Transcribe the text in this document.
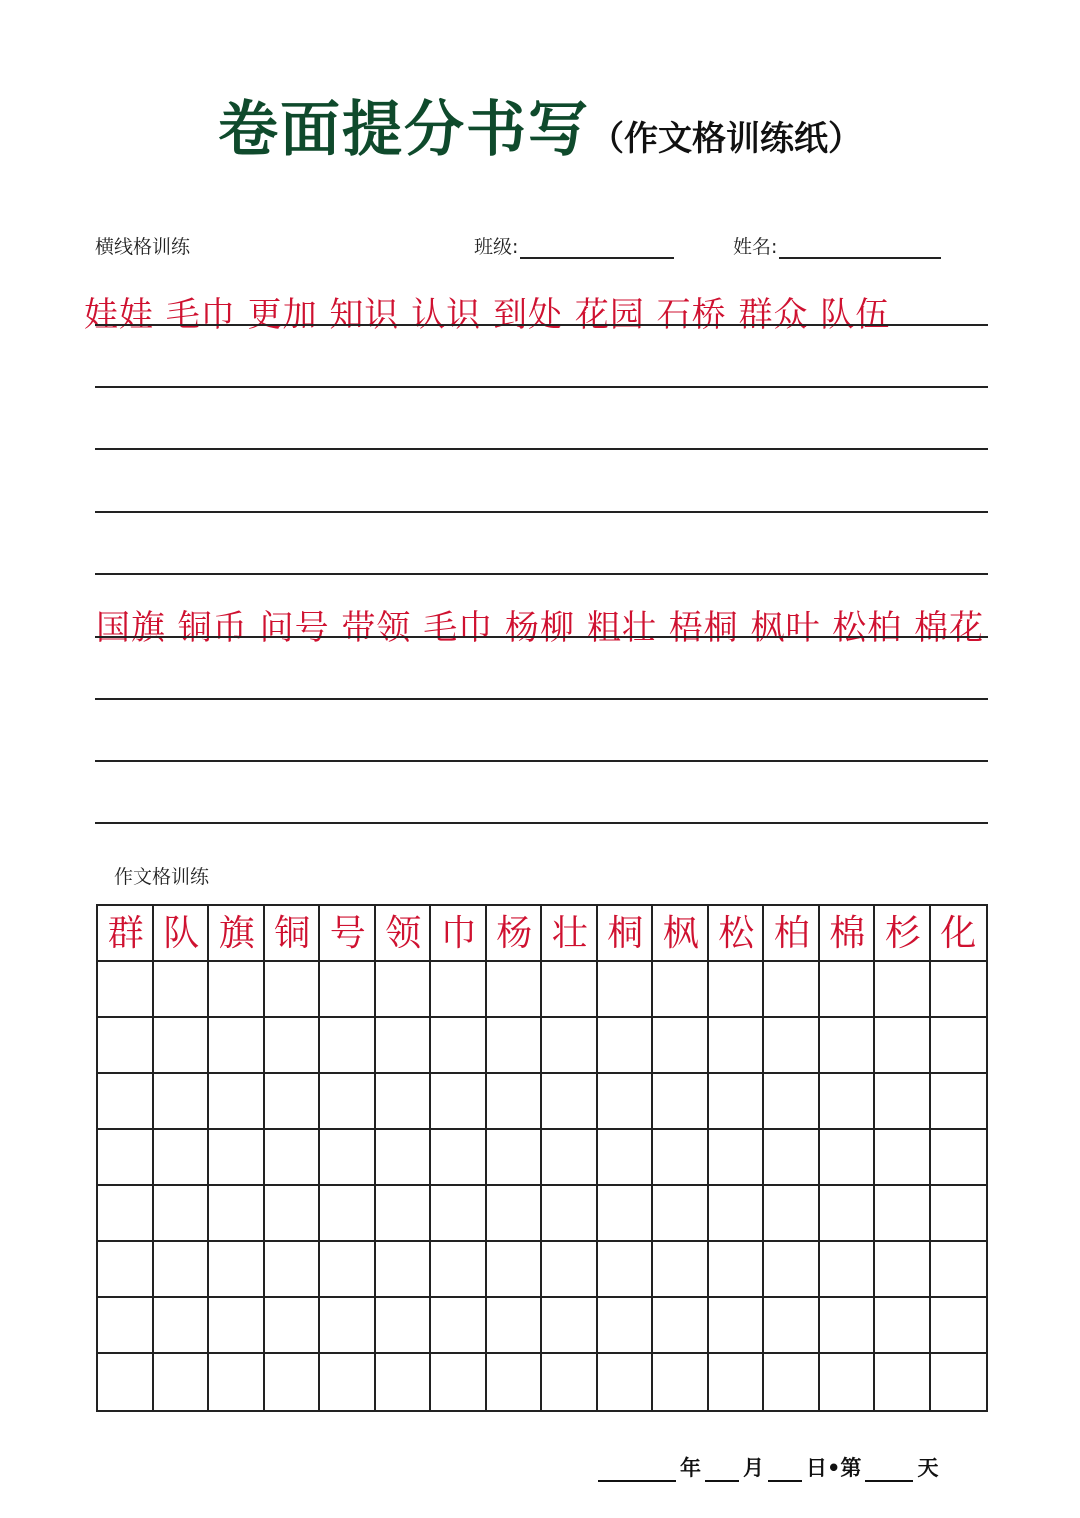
卷面提分书写（作文格训练纸）
横线格训练	班级:	姓名:
娃娃 毛巾 更加 知识 认识 到处 花园 石桥 群众 队伍
国旗 铜币 问号 带领 毛巾 杨柳 粗壮 梧桐 枫叶 松柏 棉花
作文格训练
群 队 旗 铜 号 领 巾 杨 壮 桐 枫 松 柏 棉 杉 化
年 月 日•第	天
